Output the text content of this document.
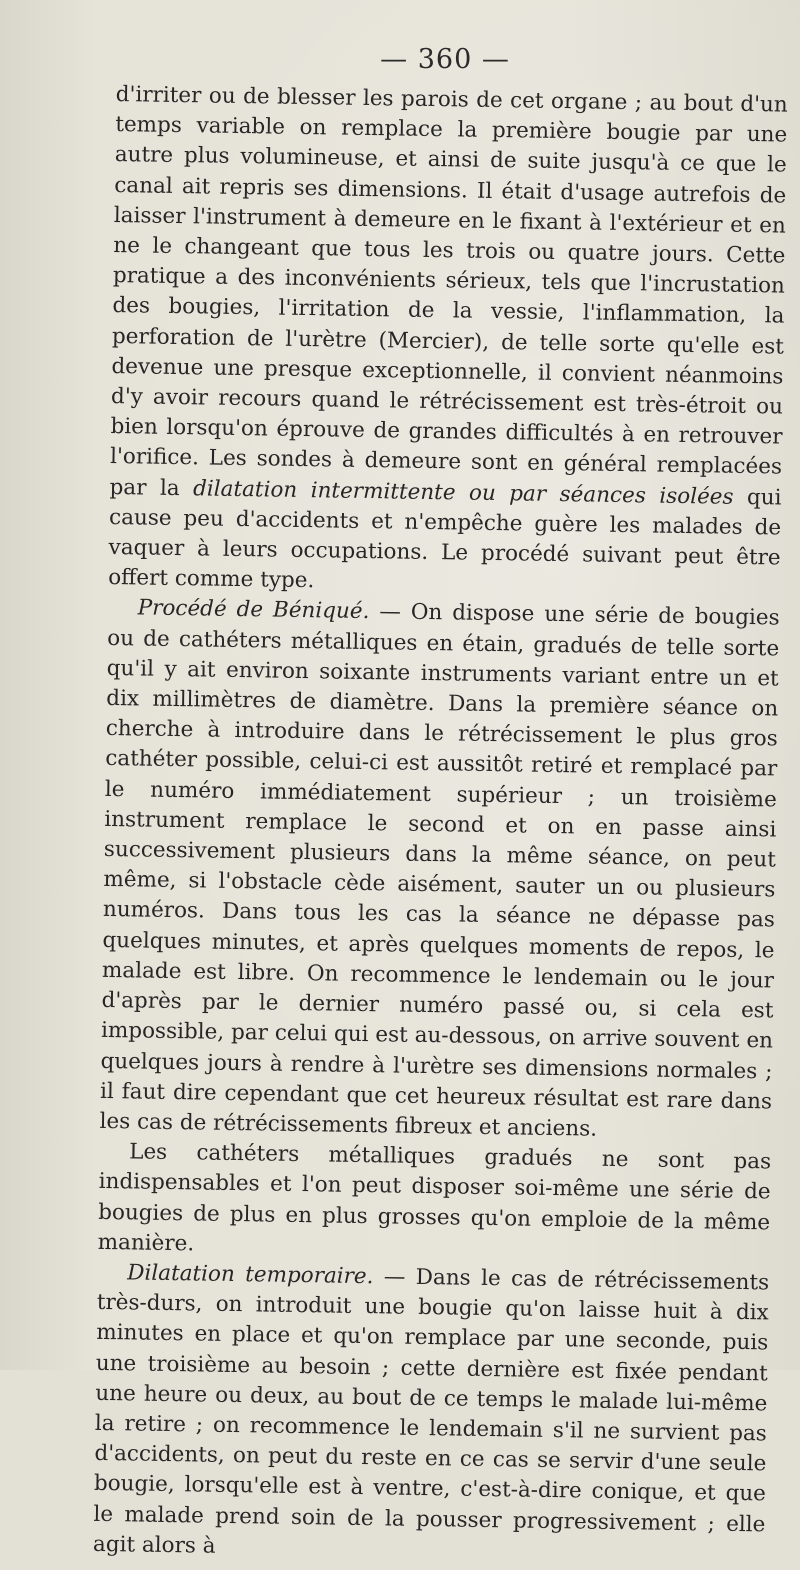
— 360 —

d'irriter ou de blesser les parois de cet organe ; au bout d'un temps variable on remplace la première bougie par une autre plus volumineuse, et ainsi de suite jusqu'à ce que le canal ait repris ses dimensions. Il était d'usage autrefois de laisser l'instrument à demeure en le fixant à l'extérieur et en ne le changeant que tous les trois ou quatre jours. Cette pratique a des inconvénients sérieux, tels que l'incrustation des bougies, l'irritation de la vessie, l'inflammation, la perforation de l'urètre (Mercier), de telle sorte qu'elle est devenue une presque exceptionnelle, il convient néanmoins d'y avoir recours quand le rétrécissement est très-étroit ou bien lorsqu'on éprouve de grandes difficultés à en retrouver l'orifice. Les sondes à demeure sont en général remplacées par la dilatation intermittente ou par séances isolées qui cause peu d'accidents et n'empêche guère les malades de vaquer à leurs occupations. Le procédé suivant peut être offert comme type.

Procédé de Béniqué. — On dispose une série de bougies ou de cathéters métalliques en étain, gradués de telle sorte qu'il y ait environ soixante instruments variant entre un et dix millimètres de diamètre. Dans la première séance on cherche à introduire dans le rétrécissement le plus gros cathéter possible, celui-ci est aussitôt retiré et remplacé par le numéro immédiatement supérieur ; un troisième instrument remplace le second et on en passe ainsi successivement plusieurs dans la même séance, on peut même, si l'obstacle cède aisément, sauter un ou plusieurs numéros. Dans tous les cas la séance ne dépasse pas quelques minutes, et après quelques moments de repos, le malade est libre. On recommence le lendemain ou le jour d'après par le dernier numéro passé ou, si cela est impossible, par celui qui est au-dessous, on arrive souvent en quelques jours à rendre à l'urètre ses dimensions normales ; il faut dire cependant que cet heureux résultat est rare dans les cas de rétrécissements fibreux et anciens.

Les cathéters métalliques gradués ne sont pas indispensables et l'on peut disposer soi-même une série de bougies de plus en plus grosses qu'on emploie de la même manière.

Dilatation temporaire. — Dans le cas de rétrécissements très-durs, on introduit une bougie qu'on laisse huit à dix minutes en place et qu'on remplace par une seconde, puis une troisième au besoin ; cette dernière est fixée pendant une heure ou deux, au bout de ce temps le malade lui-même la retire ; on recommence le lendemain s'il ne survient pas d'accidents, on peut du reste en ce cas se servir d'une seule bougie, lorsqu'elle est à ventre, c'est-à-dire conique, et que le malade prend soin de la pousser progressivement ; elle agit alors à
